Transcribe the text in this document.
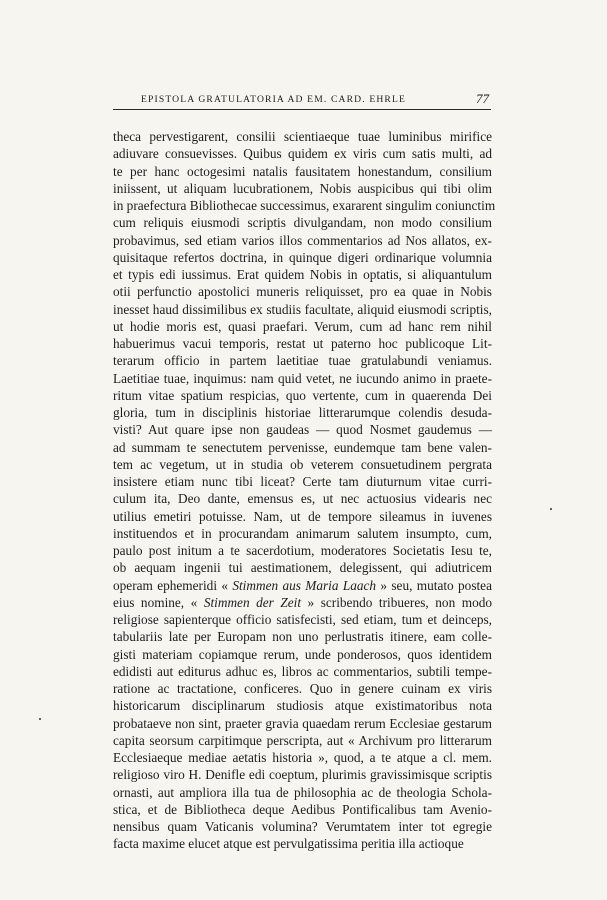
EPISTOLA GRATULATORIA AD EM. CARD. EHRLE	77
theca pervestigarent, consilii scientiaeque tuae luminibus mirifice
adiuvare consuevisses. Quibus quidem ex viris cum satis multi, ad
te per hanc octogesimi natalis fausitatem honestandum, consilium
iniissent, ut aliquam lucubrationem, Nobis auspicibus qui tibi olim
in praefectura Bibliothecae successimus, exararent singulim coniunctim
cum reliquis eiusmodi scriptis divulgandam, non modo consilium
probavimus, sed etiam varios illos commentarios ad Nos allatos, ex-
quisitaque refertos doctrina, in quinque digeri ordinarique volumnia
et typis edi iussimus. Erat quidem Nobis in optatis, si aliquantulum
otii perfunctio apostolici muneris reliquisset, pro ea quae in Nobis
inesset haud dissimilibus ex studiis facultate, aliquid eiusmodi scriptis,
ut hodie moris est, quasi praefari. Verum, cum ad hanc rem nihil
habuerimus vacui temporis, restat ut paterno hoc publicoque Lit-
terarum officio in partem laetitiae tuae gratulabundi veniamus.
Laetitiae tuae, inquimus: nam quid vetet, ne iucundo animo in praete-
ritum vitae spatium respicias, quo vertente, cum in quaerenda Dei
gloria, tum in disciplinis historiae litterarumque colendis desuda-
visti? Aut quare ipse non gaudeas — quod Nosmet gaudemus —
ad summam te senectutem pervenisse, eundemque tam bene valen-
tem ac vegetum, ut in studia ob veterem consuetudinem pergrata
insistere etiam nunc tibi liceat? Certe tam diuturnum vitae curri-
culum ita, Deo dante, emensus es, ut nec actuosius videaris nec
utilius emetiri potuisse. Nam, ut de tempore sileamus in iuvenes
instituendos et in procurandam animarum salutem insumpto, cum,
paulo post initum a te sacerdotium, moderatores Societatis Iesu te,
ob aequam ingenii tui aestimationem, delegissent, qui adiutricem
operam ephemeridi « Stimmen aus Maria Laach » seu, mutato postea
eius nomine, « Stimmen der Zeit » scribendo tribueres, non modo
religiose sapienterque officio satisfecisti, sed etiam, tum et deinceps,
tabulariis late per Europam non uno perlustratis itinere, eam colle-
gisti materiam copiamque rerum, unde ponderosos, quos identidem
edidisti aut editurus adhuc es, libros ac commentarios, subtili tempe-
ratione ac tractatione, conficeres. Quo in genere cuinam ex viris
historicarum disciplinarum studiosis atque existimatoribus nota
probataeve non sint, praeter gravia quaedam rerum Ecclesiae gestarum
capita seorsum carpitimque perscripta, aut « Archivum pro litterarum
Ecclesiaeque mediae aetatis historia », quod, a te atque a cl. mem.
religioso viro H. Denifle edi coeptum, plurimis gravissimisque scriptis
ornasti, aut ampliora illa tua de philosophia ac de theologia Schola-
stica, et de Bibliotheca deque Aedibus Pontificalibus tam Avenio-
nensibus quam Vaticanis volumina? Verumtatem inter tot egregie
facta maxime elucet atque est pervulgatissima peritia illa actioque
